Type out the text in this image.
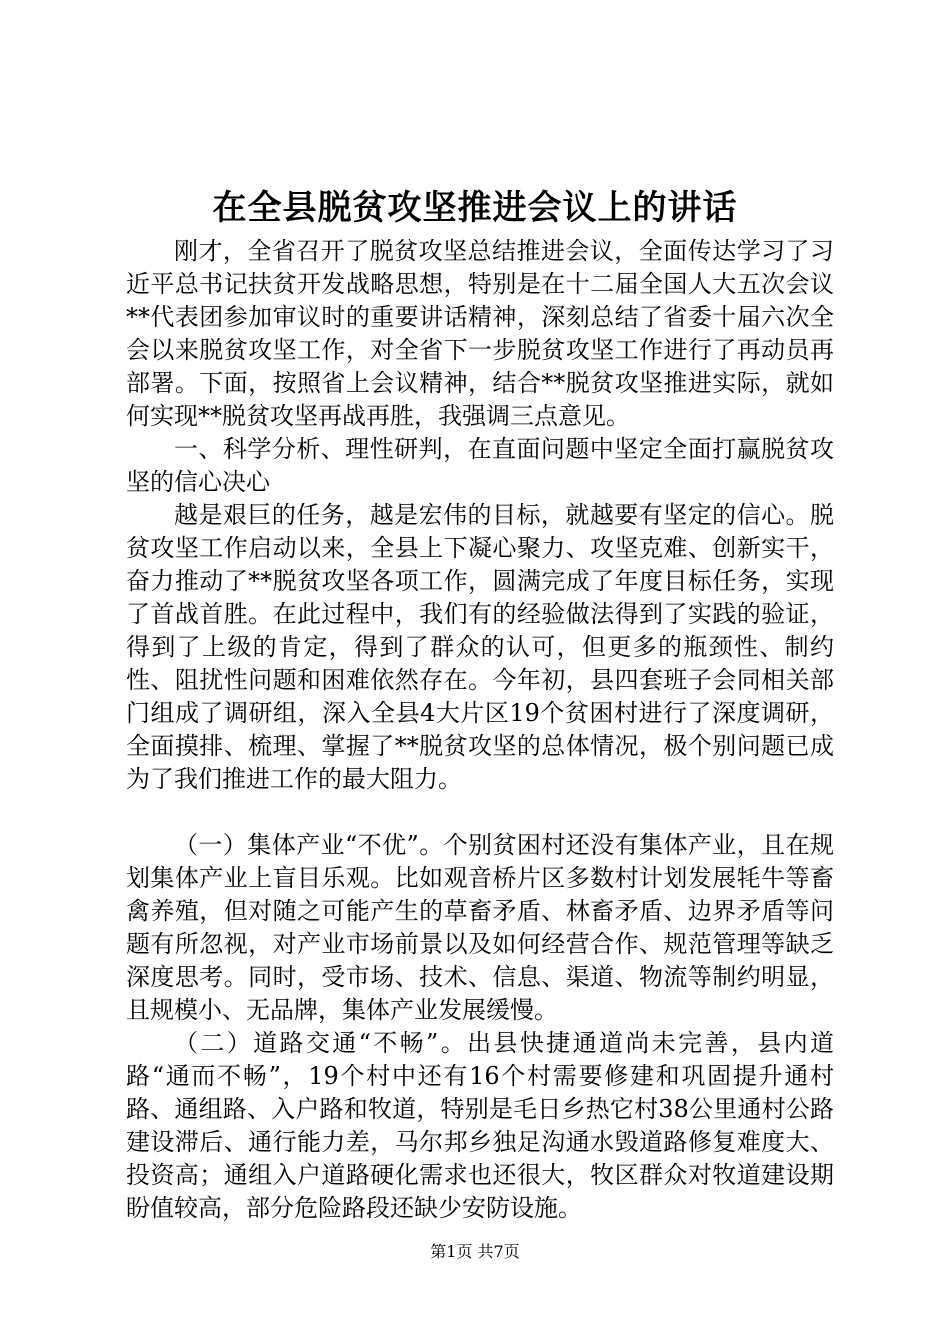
在全县脱贫攻坚推进会议上的讲话

刚才，全省召开了脱贫攻坚总结推进会议，全面传达学习了习近平总书记扶贫开发战略思想，特别是在十二届全国人大五次会议**代表团参加审议时的重要讲话精神，深刻总结了省委十届六次全会以来脱贫攻坚工作，对全省下一步脱贫攻坚工作进行了再动员再部署。下面，按照省上会议精神，结合**脱贫攻坚推进实际，就如何实现**脱贫攻坚再战再胜，我强调三点意见。

一、科学分析、理性研判，在直面问题中坚定全面打赢脱贫攻坚的信心决心

越是艰巨的任务，越是宏伟的目标，就越要有坚定的信心。脱贫攻坚工作启动以来，全县上下凝心聚力、攻坚克难、创新实干，奋力推动了**脱贫攻坚各项工作，圆满完成了年度目标任务，实现了首战首胜。在此过程中，我们有的经验做法得到了实践的验证，得到了上级的肯定，得到了群众的认可，但更多的瓶颈性、制约性、阻扰性问题和困难依然存在。今年初，县四套班子会同相关部门组成了调研组，深入全县4大片区19个贫困村进行了深度调研，全面摸排、梳理、掌握了**脱贫攻坚的总体情况，极个别问题已成为了我们推进工作的最大阻力。

（一）集体产业“不优”。个别贫困村还没有集体产业，且在规划集体产业上盲目乐观。比如观音桥片区多数村计划发展牦牛等畜禽养殖，但对随之可能产生的草畜矛盾、林畜矛盾、边界矛盾等问题有所忽视，对产业市场前景以及如何经营合作、规范管理等缺乏深度思考。同时，受市场、技术、信息、渠道、物流等制约明显，且规模小、无品牌，集体产业发展缓慢。

（二）道路交通“不畅”。出县快捷通道尚未完善，县内道路“通而不畅”，19个村中还有16个村需要修建和巩固提升通村路、通组路、入户路和牧道，特别是毛日乡热它村38公里通村公路建设滞后、通行能力差，马尔邦乡独足沟通水毁道路修复难度大、投资高；通组入户道路硬化需求也还很大，牧区群众对牧道建设期盼值较高，部分危险路段还缺少安防设施。

第1页 共7页
